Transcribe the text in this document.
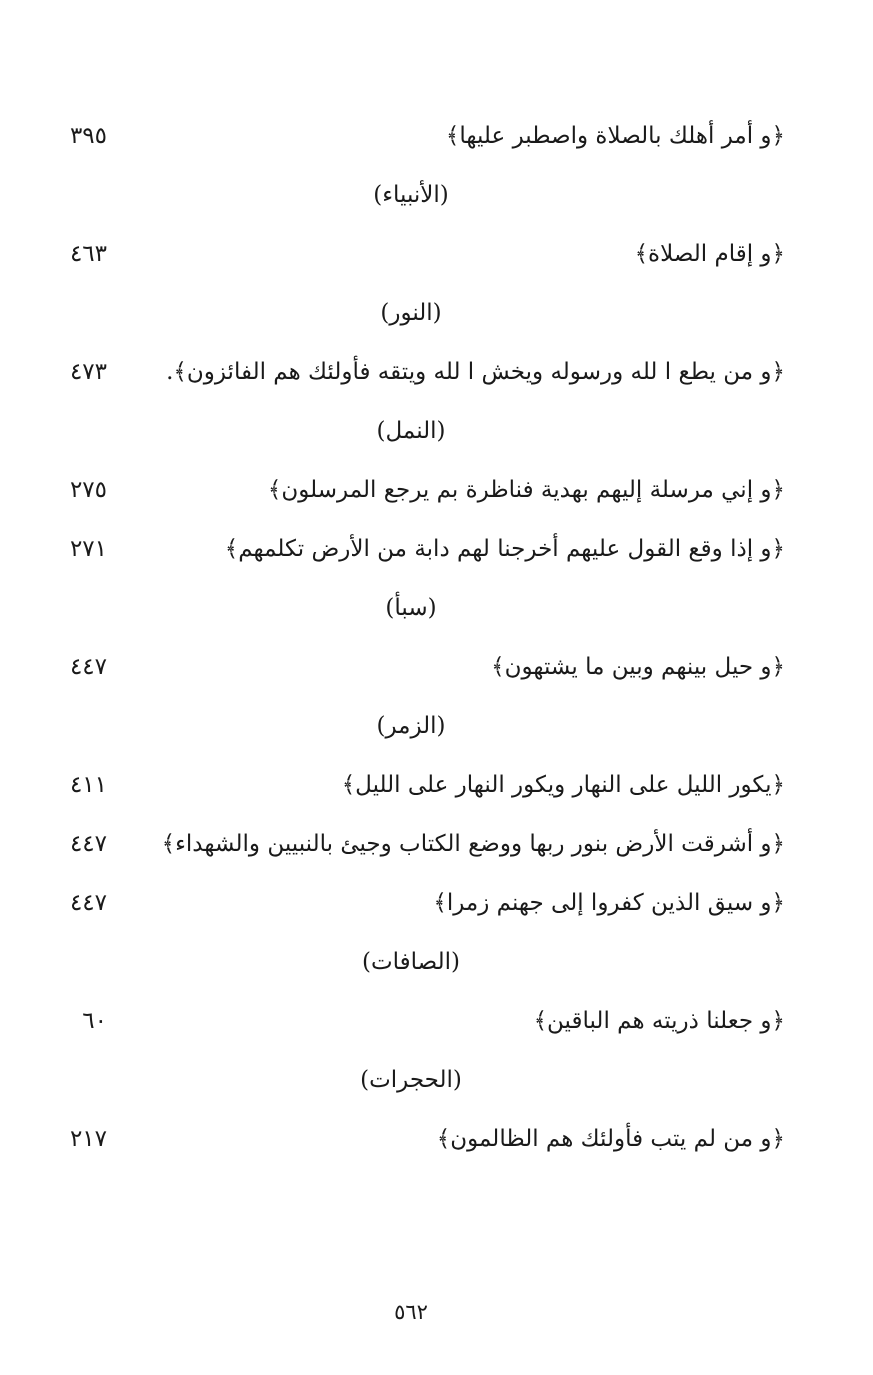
﴿و أمر أهلك بالصلاة واصطبر عليها﴾
٣٩٥
(الأنبياء)
﴿و إقام الصلاة﴾
٤٦٣
(النور)
﴿و من يطع ا لله ورسوله ويخش ا لله ويتقه فأولئك هم الفائزون﴾.
٤٧٣
(النمل)
﴿و إني مرسلة إليهم بهدية فناظرة بم يرجع المرسلون﴾
٢٧٥
﴿و إذا وقع القول عليهم أخرجنا لهم دابة من الأرض تكلمهم﴾
٢٧١
(سبأ)
﴿و حيل بينهم وبين ما يشتهون﴾
٤٤٧
(الزمر)
﴿يكور الليل على النهار ويكور النهار على الليل﴾
٤١١
﴿و أشرقت الأرض بنور ربها ووضع الكتاب وجيئ بالنبيين والشهداء﴾
٤٤٧
﴿و سيق الذين كفروا إلى جهنم زمرا﴾
٤٤٧
(الصافات)
﴿و جعلنا ذريته هم الباقين﴾
٦٠
(الحجرات)
﴿و من لم يتب فأولئك هم الظالمون﴾
٢١٧
٥٦٢
